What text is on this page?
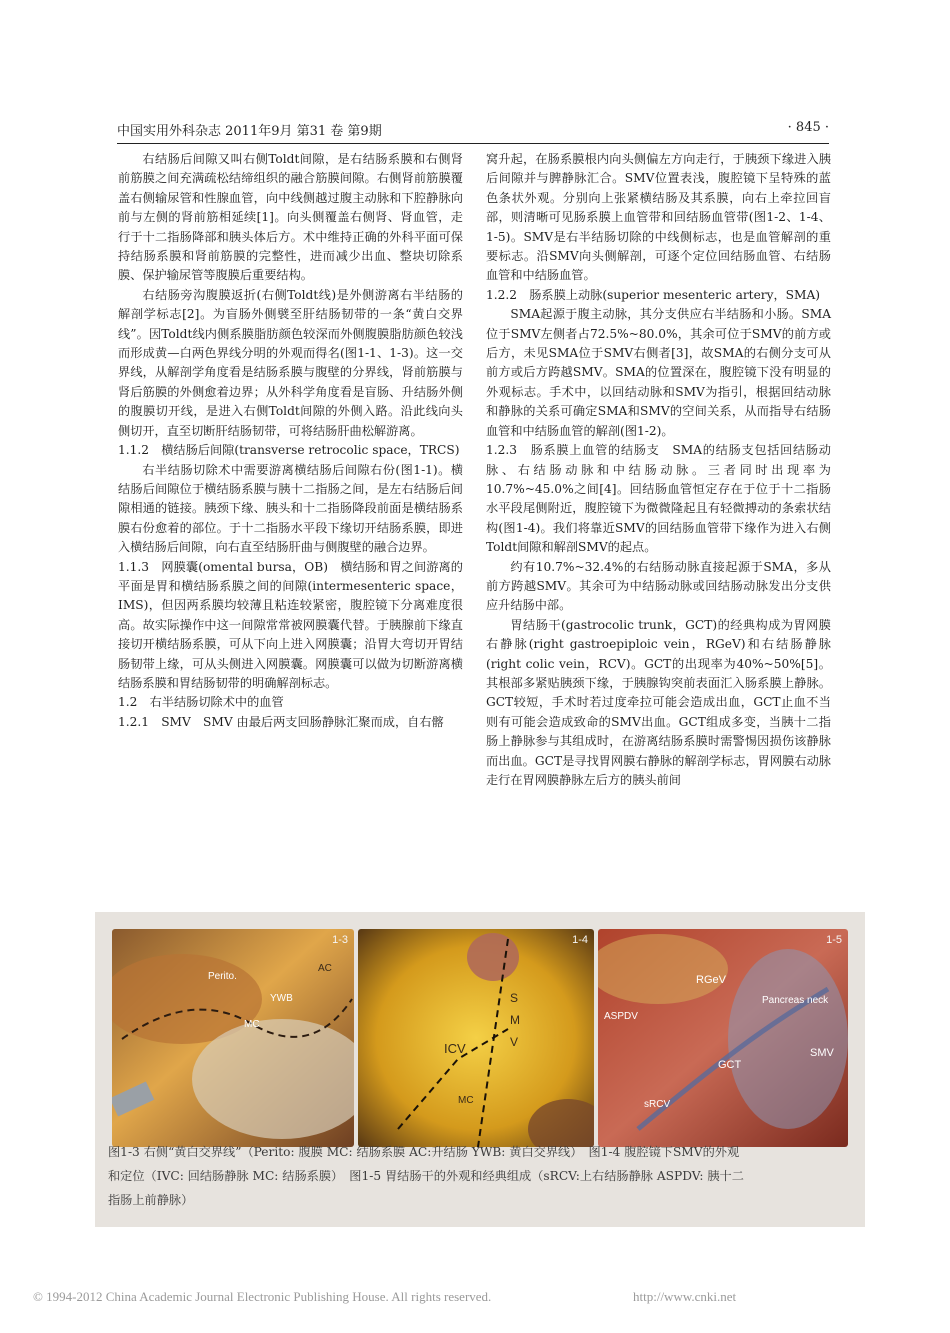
中国实用外科杂志 2011年9月 第31 卷 第9期	· 845 ·

右结肠后间隙又叫右侧Toldt间隙，是右结肠系膜和右侧肾前筋膜之间充满疏松结缔组织的融合筋膜间隙。右侧肾前筋膜覆盖右侧输尿管和性腺血管，向中线侧越过腹主动脉和下腔静脉向前与左侧的肾前筋相延续[1]。向头侧覆盖右侧肾、肾血管，走行于十二指肠降部和胰头体后方。术中维持正确的外科平面可保持结肠系膜和肾前筋膜的完整性，进而减少出血、整块切除系膜、保护输尿管等腹膜后重要结构。

右结肠旁沟腹膜返折(右侧Toldt线)是外侧游离右半结肠的解剖学标志[2]。为盲肠外侧襞至肝结肠韧带的一条“黄白交界线”。因Toldt线内侧系膜脂肪颜色较深而外侧腹膜脂肪颜色较浅而形成黄—白两色界线分明的外观而得名(图1-1、1-3)。这一交界线，从解剖学角度看是结肠系膜与腹壁的分界线，肾前筋膜与肾后筋膜的外侧愈着边界；从外科学角度看是盲肠、升结肠外侧的腹膜切开线，是进入右侧Toldt间隙的外侧入路。沿此线向头侧切开，直至切断肝结肠韧带，可将结肠肝曲松解游离。

1.1.2　横结肠后间隙(transverse retrocolic space，TRCS)

右半结肠切除术中需要游离横结肠后间隙右份(图1-1)。横结肠后间隙位于横结肠系膜与胰十二指肠之间，是左右结肠后间隙相通的链接。胰颈下缘、胰头和十二指肠降段前面是横结肠系膜右份愈着的部位。于十二指肠水平段下缘切开结肠系膜，即进入横结肠后间隙，向右直至结肠肝曲与侧腹壁的融合边界。

1.1.3　网膜囊(omental bursa，OB)　横结肠和胃之间游离的平面是胃和横结肠系膜之间的间隙(intermesenteric space，IMS)，但因两系膜均较薄且粘连较紧密，腹腔镜下分离难度很高。故实际操作中这一间隙常常被网膜囊代替。于胰腺前下缘直接切开横结肠系膜，可从下向上进入网膜囊；沿胃大弯切开胃结肠韧带上缘，可从头侧进入网膜囊。网膜囊可以做为切断游离横结肠系膜和胃结肠韧带的明确解剖标志。

1.2　右半结肠切除术中的血管

1.2.1　SMV　SMV 由最后两支回肠静脉汇聚而成，自右髂

窝升起，在肠系膜根内向头侧偏左方向走行，于胰颈下缘进入胰后间隙并与脾静脉汇合。SMV位置表浅，腹腔镜下呈特殊的蓝色条状外观。分别向上张紧横结肠及其系膜，向右上牵拉回盲部，则清晰可见肠系膜上血管带和回结肠血管带(图1-2、1-4、1-5)。SMV是右半结肠切除的中线侧标志，也是血管解剖的重要标志。沿SMV向头侧解剖，可逐个定位回结肠血管、右结肠血管和中结肠血管。

1.2.2　肠系膜上动脉(superior mesenteric artery，SMA)

SMA起源于腹主动脉，其分支供应右半结肠和小肠。SMA位于SMV左侧者占72.5%~80.0%，其余可位于SMV的前方或后方，未见SMA位于SMV右侧者[3]，故SMA的右侧分支可从前方或后方跨越SMV。SMA的位置深在，腹腔镜下没有明显的外观标志。手术中，以回结动脉和SMV为指引，根据回结动脉和静脉的关系可确定SMA和SMV的空间关系，从而指导右结肠血管和中结肠血管的解剖(图1-2)。

1.2.3　肠系膜上血管的结肠支　SMA的结肠支包括回结肠动脉、右结肠动脉和中结肠动脉。三者同时出现率为10.7%~45.0%之间[4]。回结肠血管恒定存在于位于十二指肠水平段尾侧附近，腹腔镜下为微微隆起且有轻微搏动的条索状结构(图1-4)。我们将靠近SMV的回结肠血管带下缘作为进入右侧Toldt间隙和解剖SMV的起点。

约有10.7%~32.4%的右结肠动脉直接起源于SMA，多从前方跨越SMV。其余可为中结肠动脉或回结肠动脉发出分支供应升结肠中部。

胃结肠干(gastrocolic trunk，GCT)的经典构成为胃网膜右静脉(right gastroepiploic vein，RGeV)和右结肠静脉(right colic vein，RCV)。GCT的出现率为40%~50%[5]。其根部多紧贴胰颈下缘，于胰腺钩突前表面汇入肠系膜上静脉。GCT较短，手术时若过度牵拉可能会造成出血，GCT止血不当则有可能会造成致命的SMV出血。GCT组成多变，当胰十二指肠上静脉参与其组成时，在游离结肠系膜时需警惕因损伤该静脉而出血。GCT是寻找胃网膜右静脉的解剖学标志，胃网膜右动脉走行在胃网膜静脉左后方的胰头前间

1-3
Perito.
AC
MC
YWB
1-4
S
M
V
ICV
MC
1-5
RGeV
Pancreas neck
ASPDV
GCT
SMV
sRCV
图1-3 右侧“黄白交界线”（Perito: 腹膜 MC: 结肠系膜 AC:升结肠 YWB: 黄白交界线）　图1-4 腹腔镜下SMV的外观
和定位（IVC: 回结肠静脉 MC: 结肠系膜）　图1-5 胃结肠干的外观和经典组成（sRCV:上右结肠静脉 ASPDV: 胰十二
指肠上前静脉）
© 1994-2012 China Academic Journal Electronic Publishing House. All rights reserved.	http://www.cnki.net
